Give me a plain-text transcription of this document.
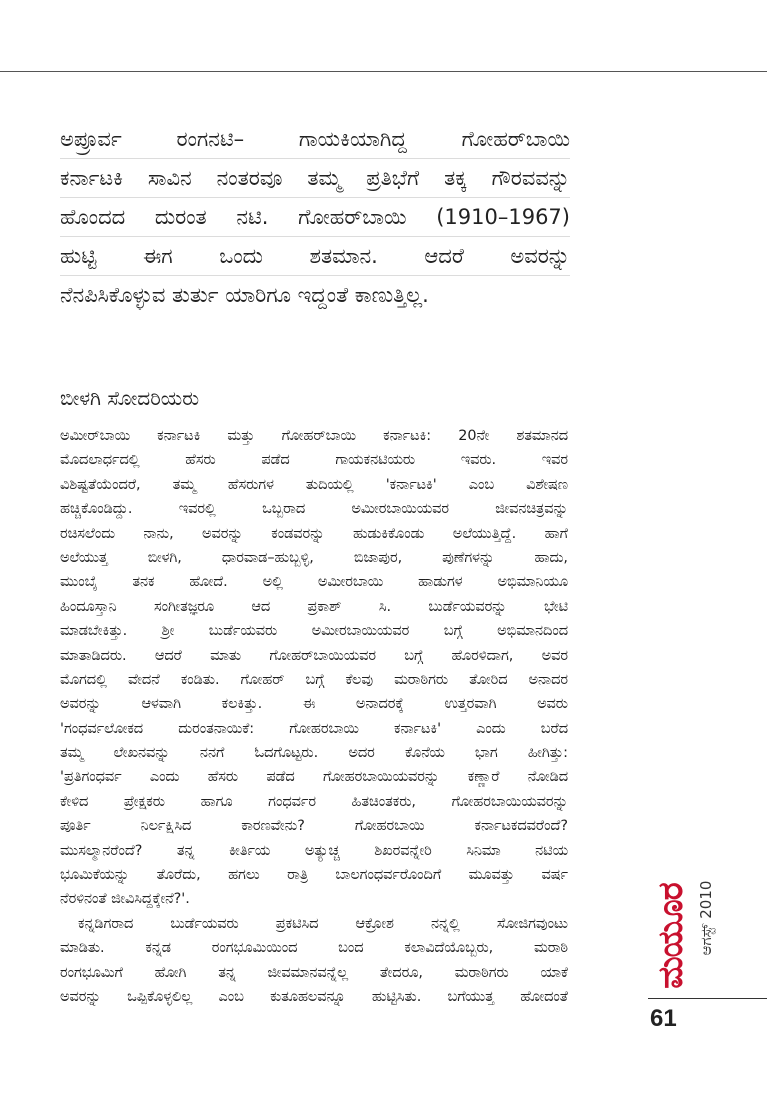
ಅಪ್ರೂರ್ವ ರಂಗನಟಿ– ಗಾಯಕಿಯಾಗಿದ್ದ ಗೋಹರ್‌ಬಾಯಿ
ಕರ್ನಾಟಕಿ ಸಾವಿನ ನಂತರವೂ ತಮ್ಮ ಪ್ರತಿಭೆಗೆ ತಕ್ಕ ಗೌರವವನ್ನು
ಹೊಂದದ ದುರಂತ ನಟಿ. ಗೋಹರ್‌ಬಾಯಿ (1910–1967)
ಹುಟ್ಟಿ ಈಗ ಒಂದು ಶತಮಾನ. ಆದರೆ ಅವರನ್ನು
ನೆನಪಿಸಿಕೊಳ್ಳುವ ತುರ್ತು ಯಾರಿಗೂ ಇದ್ದಂತೆ ಕಾಣುತ್ತಿಲ್ಲ.
ಬೀಳಗಿ ಸೋದರಿಯರು
ಅಮೀರ್‌ಬಾಯಿ ಕರ್ನಾಟಕಿ ಮತ್ತು ಗೋಹರ್‌ಬಾಯಿ ಕರ್ನಾಟಕಿ: 20ನೇ ಶತಮಾನದ
ಮೊದಲಾರ್ಧದಲ್ಲಿ ಹೆಸರು ಪಡೆದ ಗಾಯಕನಟಿಯರು ಇವರು. ಇವರ
ವಿಶಿಷ್ಟತೆಯೆಂದರೆ, ತಮ್ಮ ಹೆಸರುಗಳ ತುದಿಯಲ್ಲಿ 'ಕರ್ನಾಟಕಿ' ಎಂಬ ವಿಶೇಷಣ
ಹಚ್ಚಿಕೊಂಡಿದ್ದು. ಇವರಲ್ಲಿ ಒಬ್ಬರಾದ ಅಮೀರಬಾಯಿಯವರ ಜೀವನಚಿತ್ರವನ್ನು
ರಚಿಸಲೆಂದು ನಾನು, ಅವರನ್ನು ಕಂಡವರನ್ನು ಹುಡುಕಿಕೊಂಡು ಅಲೆಯುತ್ತಿದ್ದೆ. ಹಾಗೆ
ಅಲೆಯುತ್ತ ಬೀಳಗಿ, ಧಾರವಾಡ–ಹುಬ್ಬಳ್ಳಿ, ಬಿಜಾಪುರ, ಪುಣೆಗಳನ್ನು ಹಾದು,
ಮುಂಬೈ ತನಕ ಹೋದೆ. ಅಲ್ಲಿ ಅಮೀರಬಾಯಿ ಹಾಡುಗಳ ಅಭಿಮಾನಿಯೂ
ಹಿಂದೂಸ್ತಾನಿ ಸಂಗೀತಜ್ಞರೂ ಆದ ಪ್ರಕಾಶ್ ಸಿ. ಬುರ್ಡೆಯವರನ್ನು ಭೇಟಿ
ಮಾಡಬೇಕಿತ್ತು. ಶ್ರೀ ಬುರ್ಡೆಯವರು ಅಮೀರಬಾಯಿಯವರ ಬಗ್ಗೆ ಅಭಿಮಾನದಿಂದ
ಮಾತಾಡಿದರು. ಆದರೆ ಮಾತು ಗೋಹರ್‌ಬಾಯಿಯವರ ಬಗ್ಗೆ ಹೊರಳಿದಾಗ, ಅವರ
ಮೊಗದಲ್ಲಿ ವೇದನೆ ಕಂಡಿತು. ಗೋಹರ್ ಬಗ್ಗೆ ಕೆಲವು ಮರಾಠಿಗರು ತೋರಿದ ಅನಾದರ
ಅವರನ್ನು ಆಳವಾಗಿ ಕಲಕಿತ್ತು. ಈ ಅನಾದರಕ್ಕೆ ಉತ್ತರವಾಗಿ ಅವರು
'ಗಂಧರ್ವಲೋಕದ ದುರಂತನಾಯಿಕೆ: ಗೋಹರಬಾಯಿ ಕರ್ನಾಟಕಿ' ಎಂದು ಬರೆದ
ತಮ್ಮ ಲೇಖನವನ್ನು ನನಗೆ ಓದಗೊಟ್ಟರು. ಅದರ ಕೊನೆಯ ಭಾಗ ಹೀಗಿತ್ತು:
'ಪ್ರತಿಗಂಧರ್ವ ಎಂದು ಹೆಸರು ಪಡೆದ ಗೋಹರಬಾಯಿಯವರನ್ನು ಕಣ್ಣಾರೆ ನೋಡಿದ
ಕೇಳಿದ ಪ್ರೇಕ್ಷಕರು ಹಾಗೂ ಗಂಧರ್ವರ ಹಿತಚಿಂತಕರು, ಗೋಹರಬಾಯಿಯವರನ್ನು
ಪೂರ್ತಿ ನಿರ್ಲಕ್ಷಿಸಿದ ಕಾರಣವೇನು? ಗೋಹರಬಾಯಿ ಕರ್ನಾಟಕದವರೆಂದೆ?
ಮುಸಲ್ಮಾನರೆಂದೆ? ತನ್ನ ಕೀರ್ತಿಯ ಅತ್ಯುಚ್ಚ ಶಿಖರವನ್ನೇರಿ ಸಿನಿಮಾ ನಟಿಯ
ಭೂಮಿಕೆಯನ್ನು ತೊರೆದು, ಹಗಲು ರಾತ್ರಿ ಬಾಲಗಂಧರ್ವರೊಂದಿಗೆ ಮೂವತ್ತು ವರ್ಷ
ನೆರಳಿನಂತೆ ಜೀವಿಸಿದ್ದಕ್ಕೇನೆ?'.
ಕನ್ನಡಿಗರಾದ ಬುರ್ಡೆಯವರು ಪ್ರಕಟಿಸಿದ ಆಕ್ರೋಶ ನನ್ನಲ್ಲಿ ಸೋಜಿಗವುಂಟು
ಮಾಡಿತು. ಕನ್ನಡ ರಂಗಭೂಮಿಯಿಂದ ಬಂದ ಕಲಾವಿದೆಯೊಬ್ಬರು, ಮರಾಠಿ
ರಂಗಭೂಮಿಗೆ ಹೋಗಿ ತನ್ನ ಜೀವಮಾನವನ್ನೆಲ್ಲ ತೇದರೂ, ಮರಾಠಿಗರು ಯಾಕೆ
ಅವರನ್ನು ಒಪ್ಪಿಕೊಳ್ಳಲಿಲ್ಲ ಎಂಬ ಕುತೂಹಲವನ್ನೂ ಹುಟ್ಟಿಸಿತು. ಬಗೆಯುತ್ತ ಹೋದಂತೆ
ಆಗಸ್ಟ್ 2010
ಮಯೂರ
61
